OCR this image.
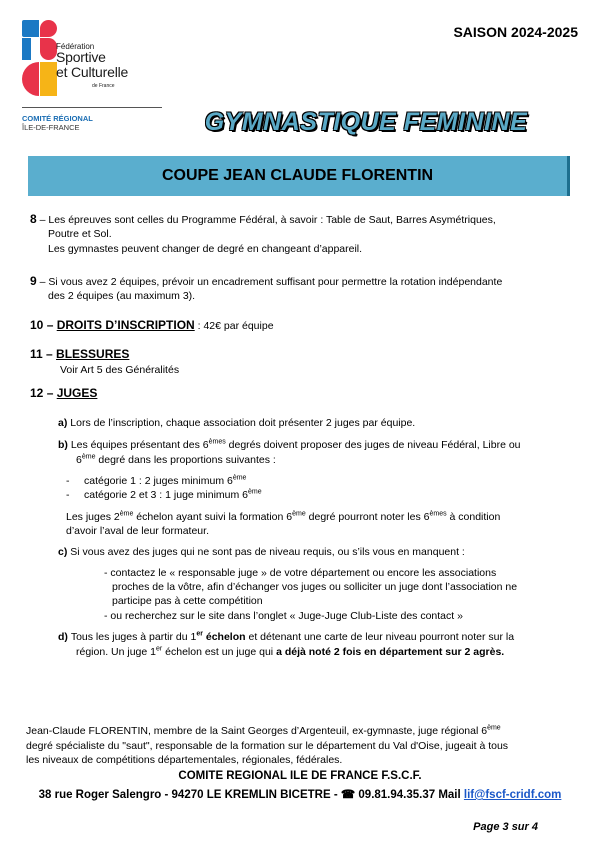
Fédération
Sportive
et Culturelle
de France
COMITÉ RÉGIONAL
ÎLE-DE-FRANCE
SAISON 2024-2025
GYMNASTIQUE FEMININE
COUPE JEAN CLAUDE FLORENTIN
8 – Les épreuves sont celles du Programme Fédéral, à savoir : Table de Saut, Barres Asymétriques,
Poutre et Sol.
Les gymnastes peuvent changer de degré en changeant d’appareil.
9 – Si vous avez 2 équipes, prévoir un encadrement suffisant pour permettre la rotation indépendante
des 2 équipes (au maximum 3).
10 – DROITS D’INSCRIPTION : 42€ par équipe
11 – BLESSURES
Voir Art 5 des Généralités
12 – JUGES
a) Lors de l’inscription, chaque association doit présenter 2 juges par équipe.
b) Les équipes présentant des 6èmes degrés doivent proposer des juges de niveau Fédéral, Libre ou
6ème degré dans les proportions suivantes :
- catégorie 1 : 2 juges minimum 6ème
- catégorie 2 et 3 : 1 juge minimum 6ème
Les juges 2ème échelon ayant suivi la formation 6ème degré pourront noter les 6èmes à condition
d’avoir l’aval de leur formateur.
c) Si vous avez des juges qui ne sont pas de niveau requis, ou s’ils vous en manquent :
- contactez le « responsable juge » de votre département ou encore les associations
proches de la vôtre, afin d’échanger vos juges ou solliciter un juge dont l’association ne
participe pas à cette compétition
- ou recherchez sur le site dans l’onglet « Juge-Juge Club-Liste des contact »
d) Tous les juges à partir du 1er échelon et détenant une carte de leur niveau pourront noter sur la
région. Un juge 1er échelon est un juge qui a déjà noté 2 fois en département sur 2 agrès.
Jean-Claude FLORENTIN, membre de la Saint Georges d’Argenteuil, ex-gymnaste, juge régional 6ème
degré spécialiste du "saut", responsable de la formation sur le département du Val d'Oise, jugeait à tous
les niveaux de compétitions départementales, régionales, fédérales.
COMITE REGIONAL ILE DE FRANCE F.S.C.F.
38 rue Roger Salengro - 94270 LE KREMLIN BICETRE - ☎ 09.81.94.35.37 Mail lif@fscf-cridf.com
Page 3 sur 4
